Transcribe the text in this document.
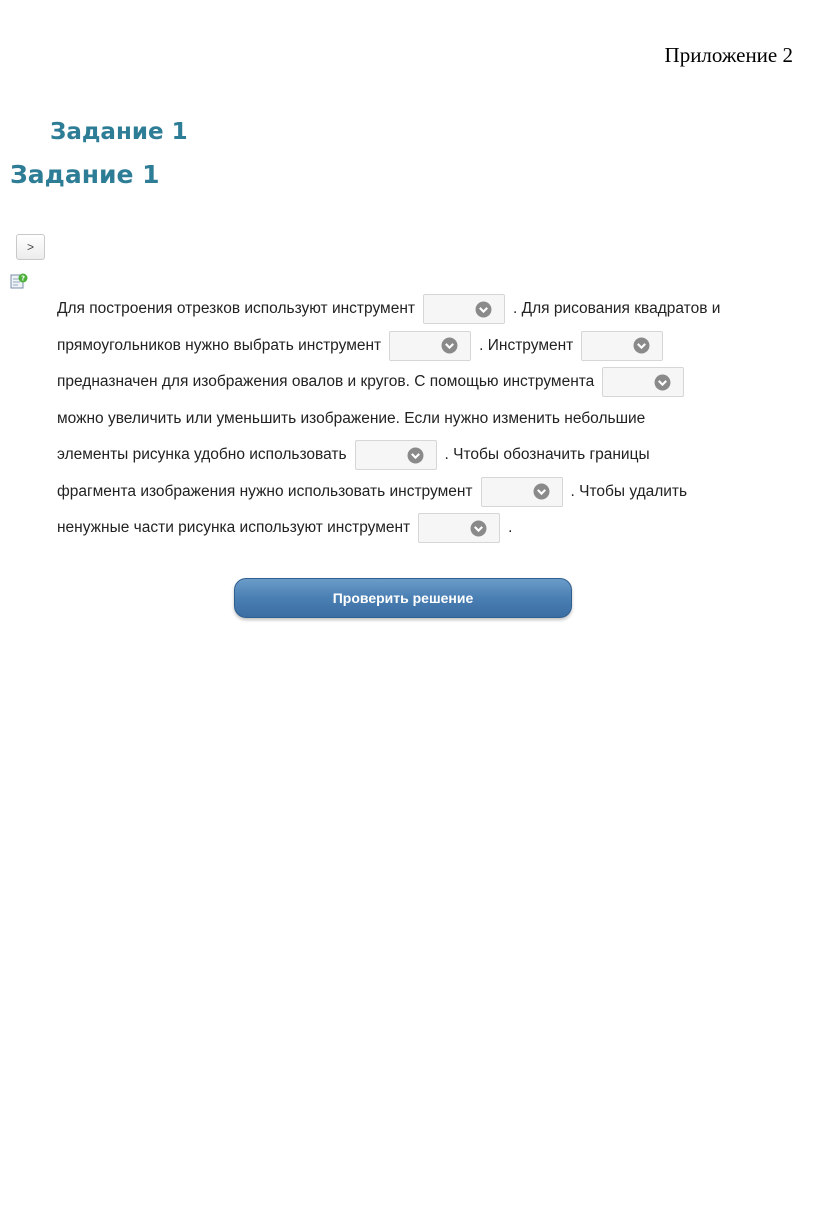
Приложение 2
Задание 1
Задание 1
>
?
Для построения отрезков используют инструмент	. Для рисования квадратов и
прямоугольников нужно выбрать инструмент	. Инструмент
предназначен для изображения овалов и кругов. С помощью инструмента
можно увеличить или уменьшить изображение. Если нужно изменить небольшие
элементы рисунка удобно использовать	. Чтобы обозначить границы
фрагмента изображения нужно использовать инструмент	. Чтобы удалить
ненужные части рисунка используют инструмент	.
Проверить решение
